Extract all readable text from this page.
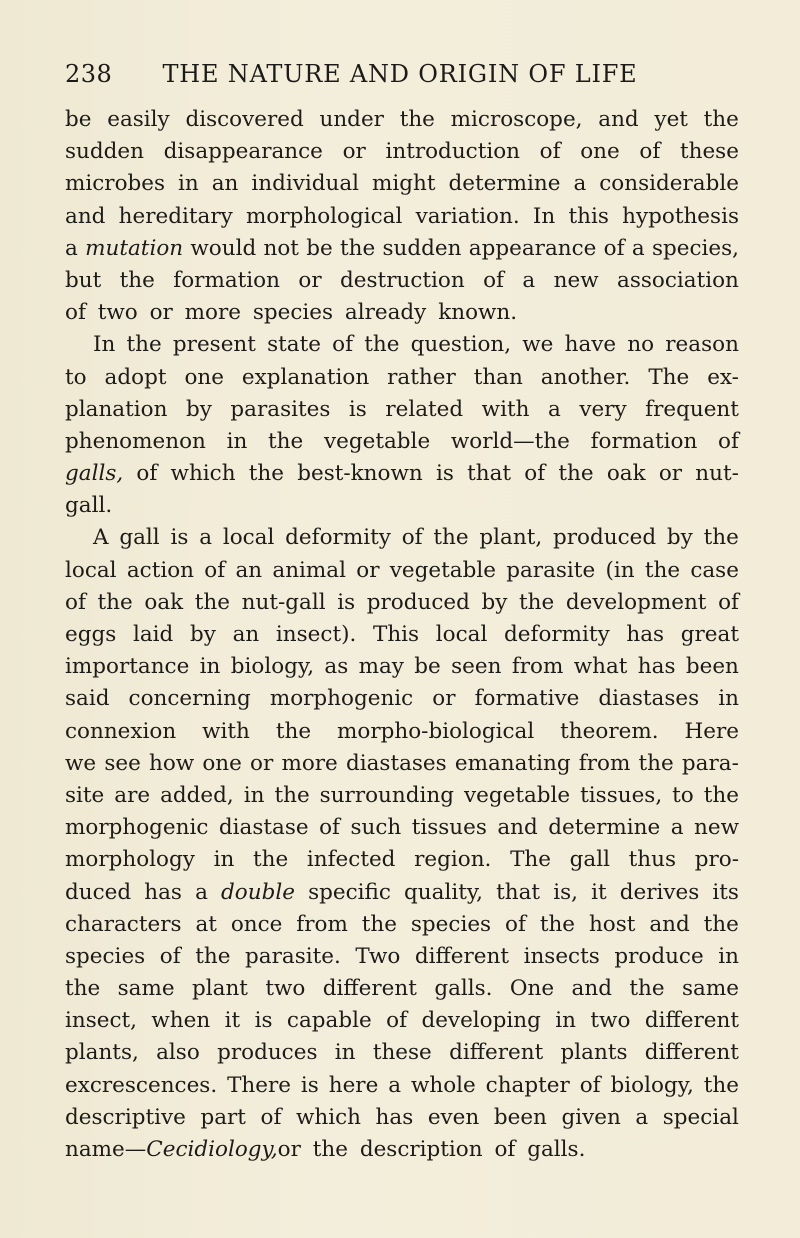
238	THE NATURE AND ORIGIN OF LIFE
be easily discovered under the microscope, and yet the
sudden disappearance or introduction of one of these
microbes in an individual might determine a considerable
and hereditary morphological variation. In this hypothesis
a mutation would not be the sudden appearance of a species,
but the formation or destruction of a new association
of
two
or
more
species
already
known.
In the present state of the question, we have no reason
to adopt one explanation rather than another. The ex-
planation by parasites is related with a very frequent
phenomenon in the vegetable world—the formation of
galls, of which the best-known is that of the oak or nut-
gall.
A gall is a local deformity of the plant, produced by the
local action of an animal or vegetable parasite (in the case
of the oak the nut-gall is produced by the development of
eggs laid by an insect). This local deformity has great
importance in biology, as may be seen from what has been
said concerning morphogenic or formative diastases in
connexion with the morpho-biological theorem. Here
we see how one or more diastases emanating from the para-
site are added, in the surrounding vegetable tissues, to the
morphogenic diastase of such tissues and determine a new
morphology in the infected region. The gall thus pro-
duced has a double specific quality, that is, it derives its
characters at once from the species of the host and the
species of the parasite. Two different insects produce in
the same plant two different galls. One and the same
insect, when it is capable of developing in two different
plants, also produces in these different plants different
excrescences. There is here a whole chapter of biology, the
descriptive part of which has even been given a special
name—Cecidiology, or
the
description
of
galls.
